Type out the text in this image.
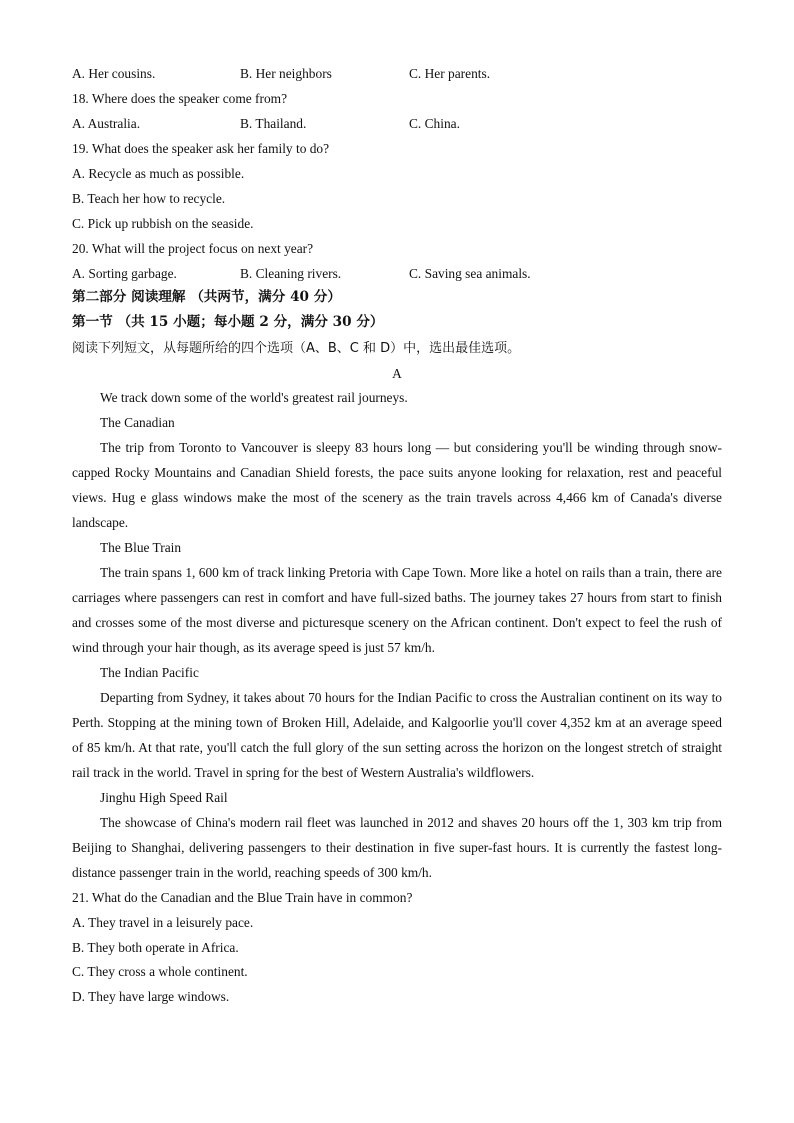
A. Her cousins.	B. Her neighbors	C. Her parents.
18. Where does the speaker come from?
A. Australia.	B. Thailand.	C. China.
19. What does the speaker ask her family to do?
A. Recycle as much as possible.
B. Teach her how to recycle.
C. Pick up rubbish on the seaside.
20. What will the project focus on next year?
A. Sorting garbage.	B. Cleaning rivers.	C. Saving sea animals.
第二部分 阅读理解 （共两节，满分 40 分）
第一节 （共 15 小题；每小题 2 分，满分 30 分）
阅读下列短文，从每题所给的四个选项（A、B、C 和 D）中，选出最佳选项。
A
We track down some of the world's greatest rail journeys.
The Canadian
The trip from Toronto to Vancouver is sleepy 83 hours long — but considering you'll be winding through snow-capped Rocky Mountains and Canadian Shield forests, the pace suits anyone looking for relaxation, rest and peaceful views. Hug e glass windows make the most of the scenery as the train travels across 4,466 km of Canada's diverse landscape.
The Blue Train
The train spans 1, 600 km of track linking Pretoria with Cape Town. More like a hotel on rails than a train, there are carriages where passengers can rest in comfort and have full-sized baths. The journey takes 27 hours from start to finish and crosses some of the most diverse and picturesque scenery on the African continent. Don't expect to feel the rush of wind through your hair though, as its average speed is just 57 km/h.
The Indian Pacific
Departing from Sydney, it takes about 70 hours for the Indian Pacific to cross the Australian continent on its way to Perth. Stopping at the mining town of Broken Hill, Adelaide, and Kalgoorlie you'll cover 4,352 km at an average speed of 85 km/h. At that rate, you'll catch the full glory of the sun setting across the horizon on the longest stretch of straight rail track in the world. Travel in spring for the best of Western Australia's wildflowers.
Jinghu High Speed Rail
The showcase of China's modern rail fleet was launched in 2012 and shaves 20 hours off the 1, 303 km trip from Beijing to Shanghai, delivering passengers to their destination in five super-fast hours. It is currently the fastest long-distance passenger train in the world, reaching speeds of 300 km/h.
21. What do the Canadian and the Blue Train have in common?
A. They travel in a leisurely pace.
B. They both operate in Africa.
C. They cross a whole continent.
D. They have large windows.
